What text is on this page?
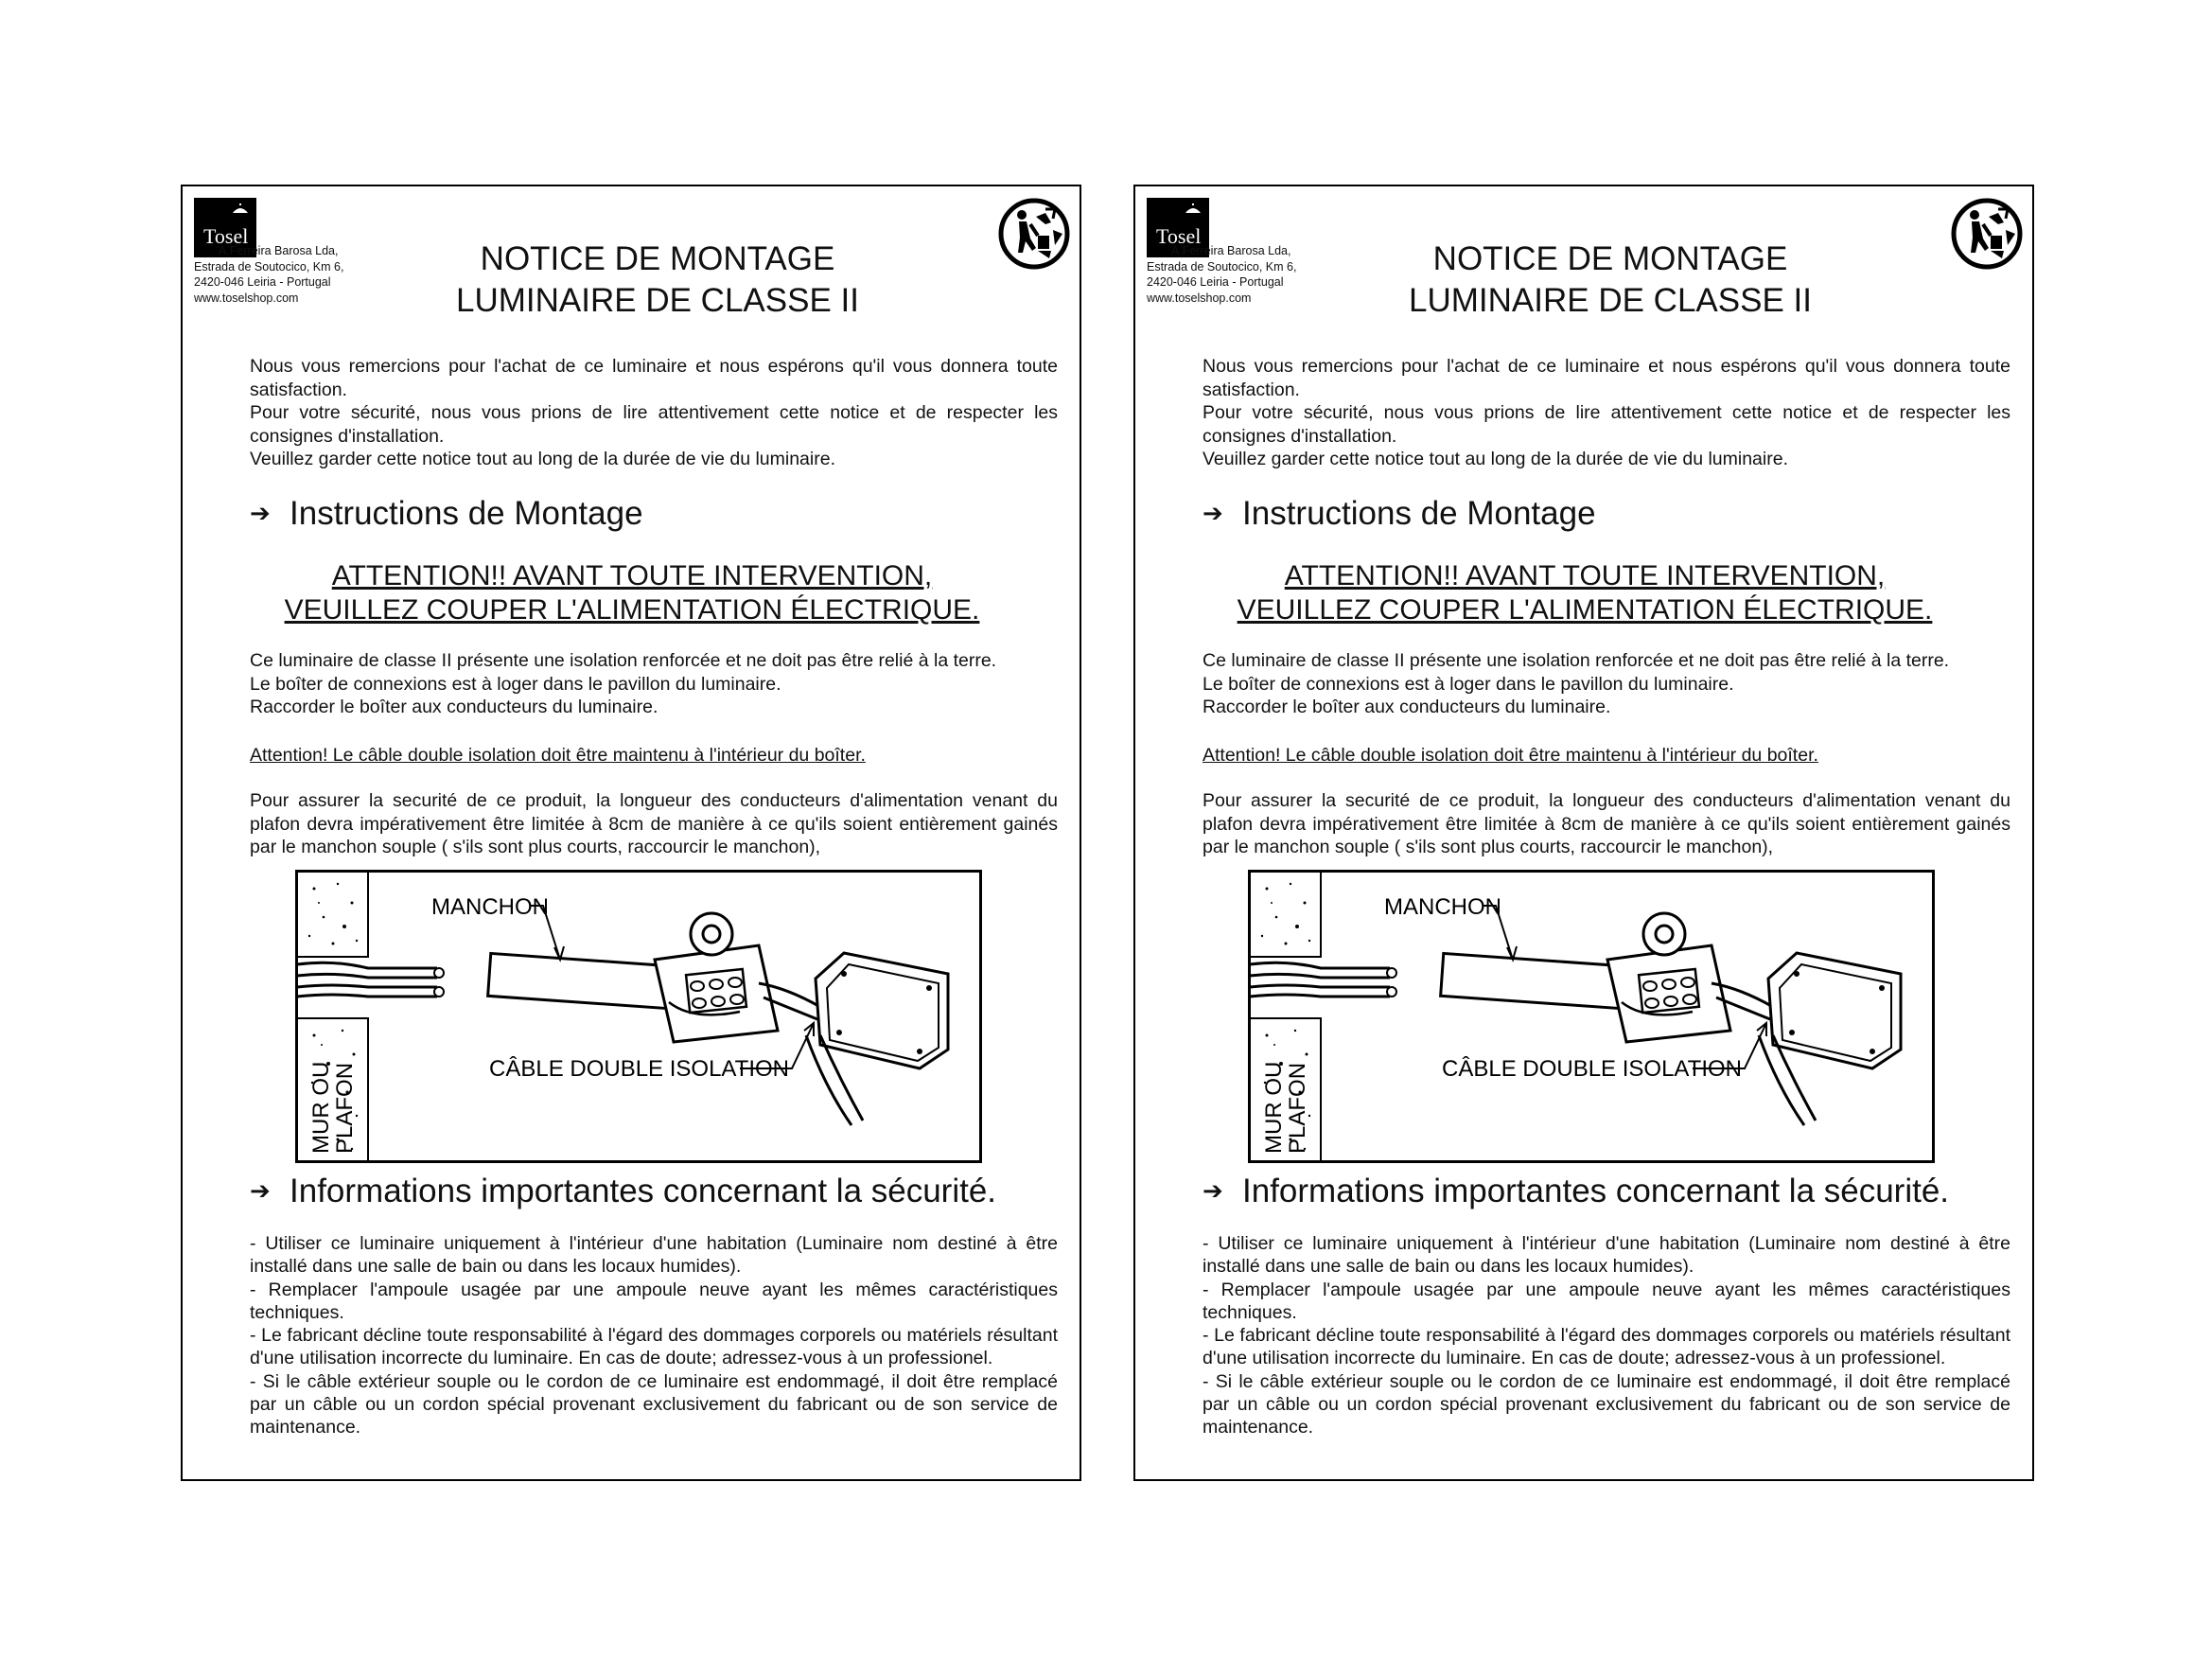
Tosel
A.Ferreira Barosa Lda,
Estrada de Soutocico, Km 6,
2420-046 Leiria - Portugal
www.toselshop.com
NOTICE DE MONTAGE
LUMINAIRE DE CLASSE II

Nous vous remercions pour l'achat de ce luminaire et nous espérons qu'il vous donnera toute satisfaction.

Pour votre sécurité, nous vous prions de lire attentivement cette notice et de respecter les consignes d'installation.

Veuillez garder cette notice tout au long de la durée de vie du luminaire.

➔ Instructions de Montage
ATTENTION!! AVANT TOUTE INTERVENTION,
VEUILLEZ COUPER L'ALIMENTATION ÉLECTRIQUE.

Ce luminaire de classe II présente une isolation renforcée et ne doit pas être relié à la terre.

Le boîter de connexions est à loger dans le pavillon du luminaire.

Raccorder le boîter aux conducteurs du luminaire.

Attention! Le câble double isolation doit être maintenu à l'intérieur du boîter.

Pour assurer la securité de ce produit, la longueur des conducteurs d'alimentation venant du plafon devra impérativement être limitée à 8cm de manière à ce qu'ils soient entièrement gainés par le manchon souple ( s'ils sont plus courts, raccourcir le manchon),

MANCHON
CÂBLE DOUBLE ISOLATION
MUR OU
PLAFON
➔ Informations importantes concernant la sécurité.

- Utiliser ce luminaire uniquement à l'intérieur d'une habitation (Luminaire nom destiné à être installé dans une salle de bain ou dans les locaux humides).

- Remplacer l'ampoule usagée par une ampoule neuve ayant les mêmes caractéristiques techniques.

- Le fabricant décline toute responsabilité à l'égard des dommages corporels ou matériels résultant d'une utilisation incorrecte du luminaire. En cas de doute; adressez-vous à un professionel.

- Si le câble extérieur souple ou le cordon de ce luminaire est endommagé, il doit être remplacé par un câble ou un cordon spécial provenant exclusivement du fabricant ou de son service de maintenance.

Tosel
A.Ferreira Barosa Lda,
Estrada de Soutocico, Km 6,
2420-046 Leiria - Portugal
www.toselshop.com
NOTICE DE MONTAGE
LUMINAIRE DE CLASSE II

Nous vous remercions pour l'achat de ce luminaire et nous espérons qu'il vous donnera toute satisfaction.

Pour votre sécurité, nous vous prions de lire attentivement cette notice et de respecter les consignes d'installation.

Veuillez garder cette notice tout au long de la durée de vie du luminaire.

➔ Instructions de Montage
ATTENTION!! AVANT TOUTE INTERVENTION,
VEUILLEZ COUPER L'ALIMENTATION ÉLECTRIQUE.

Ce luminaire de classe II présente une isolation renforcée et ne doit pas être relié à la terre.

Le boîter de connexions est à loger dans le pavillon du luminaire.

Raccorder le boîter aux conducteurs du luminaire.

Attention! Le câble double isolation doit être maintenu à l'intérieur du boîter.

Pour assurer la securité de ce produit, la longueur des conducteurs d'alimentation venant du plafon devra impérativement être limitée à 8cm de manière à ce qu'ils soient entièrement gainés par le manchon souple ( s'ils sont plus courts, raccourcir le manchon),

MANCHON
CÂBLE DOUBLE ISOLATION
MUR OU
PLAFON
➔ Informations importantes concernant la sécurité.

- Utiliser ce luminaire uniquement à l'intérieur d'une habitation (Luminaire nom destiné à être installé dans une salle de bain ou dans les locaux humides).

- Remplacer l'ampoule usagée par une ampoule neuve ayant les mêmes caractéristiques techniques.

- Le fabricant décline toute responsabilité à l'égard des dommages corporels ou matériels résultant d'une utilisation incorrecte du luminaire. En cas de doute; adressez-vous à un professionel.

- Si le câble extérieur souple ou le cordon de ce luminaire est endommagé, il doit être remplacé par un câble ou un cordon spécial provenant exclusivement du fabricant ou de son service de maintenance.
